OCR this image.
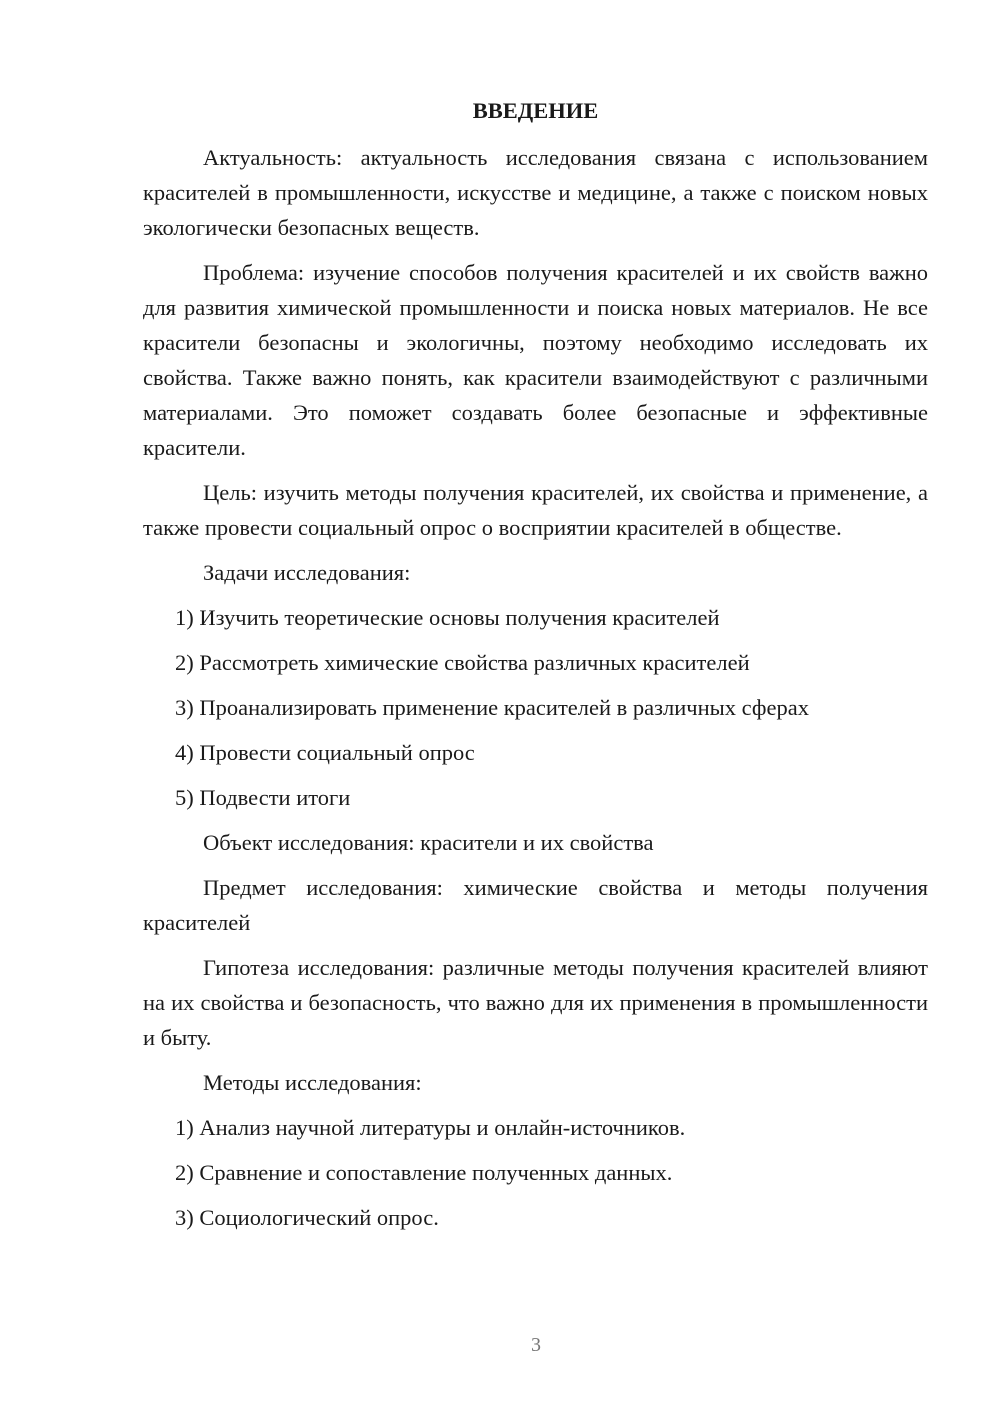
ВВЕДЕНИЕ

Актуальность: актуальность исследования связана с использованием красителей в промышленности, искусстве и медицине, а также с поиском новых экологически безопасных веществ.

Проблема: изучение способов получения красителей и их свойств важно для развития химической промышленности и поиска новых материалов. Не все красители безопасны и экологичны, поэтому необходимо исследовать их свойства. Также важно понять, как красители взаимодействуют с различными материалами. Это поможет создавать более безопасные и эффективные красители.

Цель: изучить методы получения красителей, их свойства и применение, а также провести социальный опрос о восприятии красителей в обществе.

Задачи исследования:

1) Изучить теоретические основы получения красителей
2) Рассмотреть химические свойства различных красителей
3) Проанализировать применение красителей в различных сферах
4) Провести социальный опрос
5) Подвести итоги

Объект исследования: красители и их свойства

Предмет исследования: химические свойства и методы получения красителей

Гипотеза исследования: различные методы получения красителей влияют на их свойства и безопасность, что важно для их применения в промышленности и быту.

Методы исследования:

1) Анализ научной литературы и онлайн-источников.
2) Сравнение и сопоставление полученных данных.
3) Социологический опрос.
3
